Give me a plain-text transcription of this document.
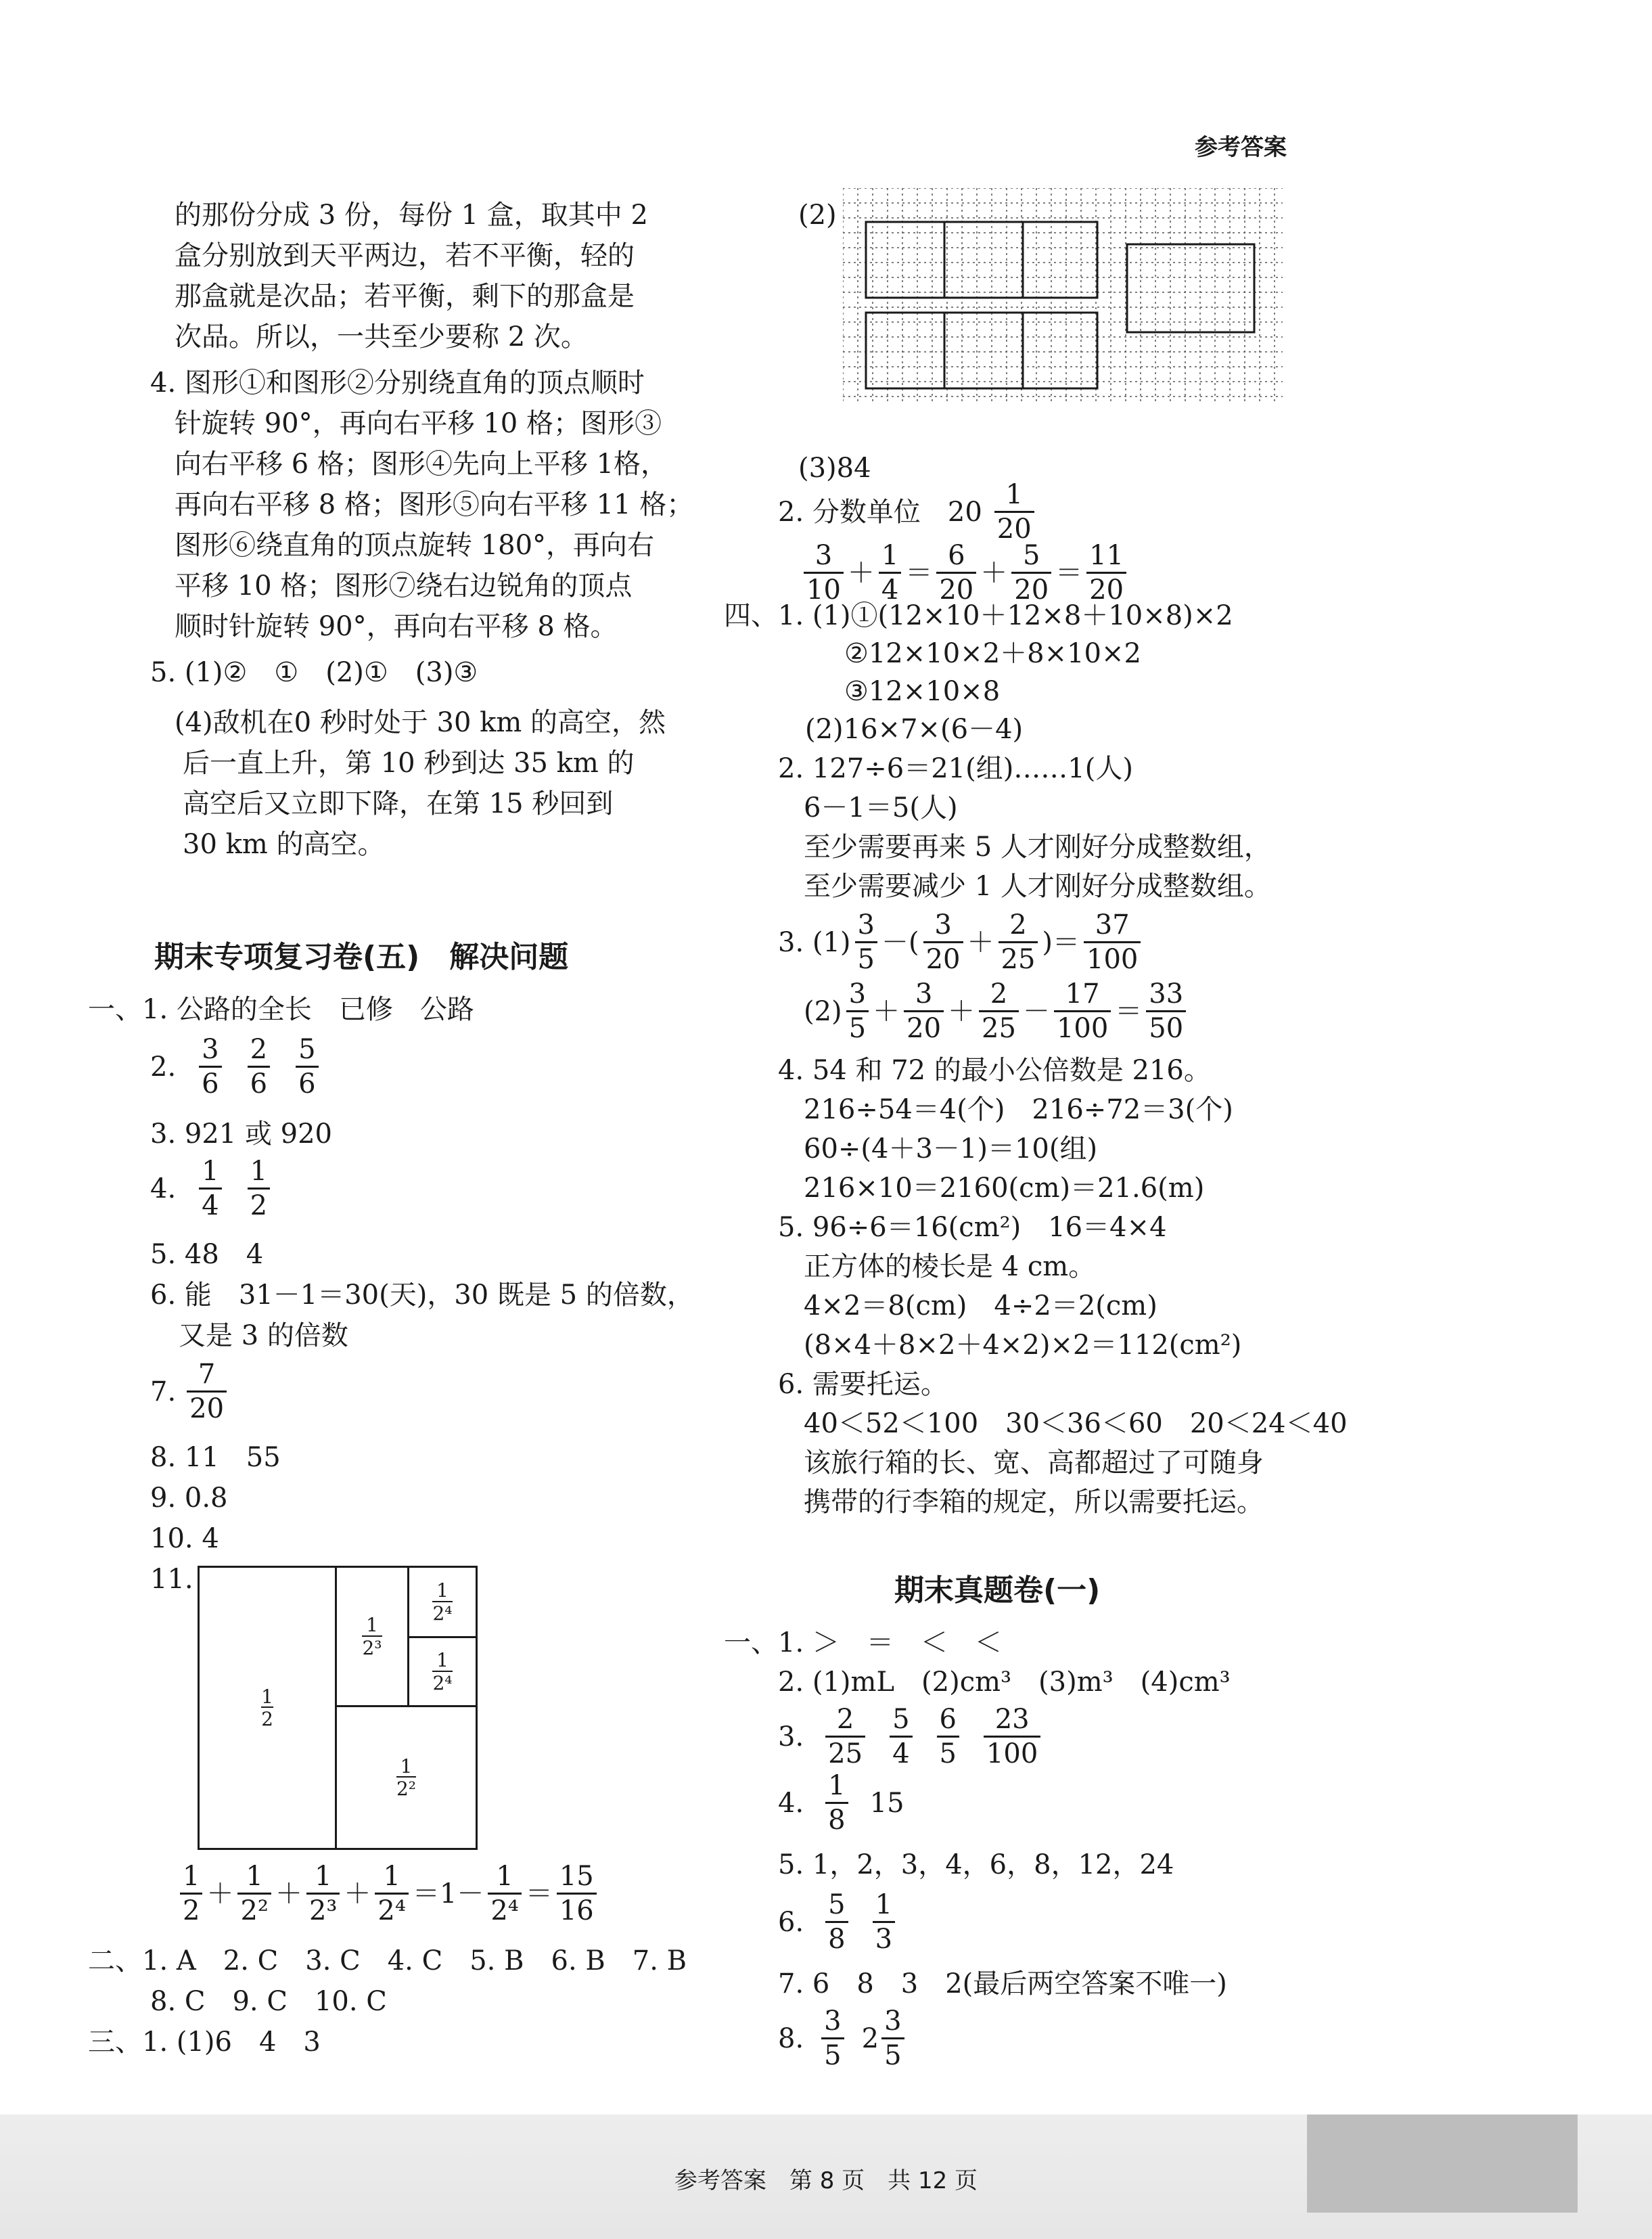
参考答案
的那份分成 3 份，每份 1 盒，取其中 2
盒分别放到天平两边，若不平衡，轻的
那盒就是次品；若平衡，剩下的那盒是
次品。所以，一共至少要称 2 次。
4. 图形①和图形②分别绕直角的顶点顺时
针旋转 90°，再向右平移 10 格；图形③
向右平移 6 格；图形④先向上平移 1格，
再向右平移 8 格；图形⑤向右平移 11 格；
图形⑥绕直角的顶点旋转 180°，再向右
平移 10 格；图形⑦绕右边锐角的顶点
顺时针旋转 90°，再向右平移 8 格。
5. (1)②　①　(2)①　(3)③
(4)敌机在0 秒时处于 30 km 的高空，然
后一直上升，第 10 秒到达 35 km 的
高空后又立即下降，在第 15 秒回到
30 km 的高空。
期末专项复习卷(五)　解决问题
一、1. 公路的全长　已修　公路
2. $\frac{3}{6} \frac{2}{6} \frac{5}{6}$
3. 921 或 920
4. $\frac{1}{4} \frac{1}{2}$
5. 48　4
6. 能　31－1＝30(天)，30 既是 5 的倍数，
又是 3 的倍数
7. $\frac{7}{20}$
8. 11　55
9. 0.8
10. 4
11.
$\frac{1}{2}$
$\frac{1}{\text{2³}}$
$\frac{1}{\text{2⁴}}$
$\frac{1}{\text{2⁴}}$
$\frac{1}{\text{2²}}$
$\frac{1}{2} + \frac{1}{\text{2²}} + \frac{1}{\text{2³}} + \frac{1}{\text{2⁴}} =1- \frac{1}{\text{2⁴}} = \frac{15}{16}$
二、1. A　2. C　3. C　4. C　5. B　6. B　7. B
8. C　9. C　10. C
三、1. (1)6　4　3
(2)
(3)84
2. 分数单位　$20 \frac{1}{20}$
$\frac{3}{10} + \frac{1}{4} = \frac{6}{20} + \frac{5}{20} = \frac{11}{20}$
四、1. (1)①(12×10＋12×8＋10×8)×2
②12×10×2＋8×10×2
③12×10×8
(2)16×7×(6－4)
2. 127÷6＝21(组)……1(人)
6－1＝5(人)
至少需要再来 5 人才刚好分成整数组，
至少需要减少 1 人才刚好分成整数组。
3. $(1) \frac{3}{5}$ －( $\frac{3}{20} + \frac{2}{25}$ )＝ $\frac{37}{100}$
$(2) \frac{3}{5} + \frac{3}{20} + \frac{2}{25} - \frac{17}{100} = \frac{33}{50}$
4. 54 和 72 的最小公倍数是 216。
216÷54＝4(个)　216÷72＝3(个)
60÷(4＋3－1)＝10(组)
216×10＝2160(cm)＝21.6(m)
5. 96÷6＝16(cm²)　16＝4×4
正方体的棱长是 4 cm。
4×2＝8(cm)　4÷2＝2(cm)
(8×4＋8×2＋4×2)×2＝112(cm²)
6. 需要托运。
40＜52＜100　30＜36＜60　20＜24＜40
该旅行箱的长、宽、高都超过了可随身
携带的行李箱的规定，所以需要托运。
期末真题卷(一)
一、1. ＞　＝　＜　＜
2. (1)mL　(2)cm³　(3)m³　(4)cm³
3. $\frac{2}{25} \frac{5}{4} \frac{6}{5} \frac{23}{100}$
4. $\frac{1}{8} 15$
5. 1，2，3，4，6，8，12，24
6. $\frac{5}{8} \frac{1}{3}$
7. 6　8　3　2(最后两空答案不唯一)
8. $\frac{3}{5} 2 \frac{3}{5}$
参考答案　第 8 页　共 12 页
